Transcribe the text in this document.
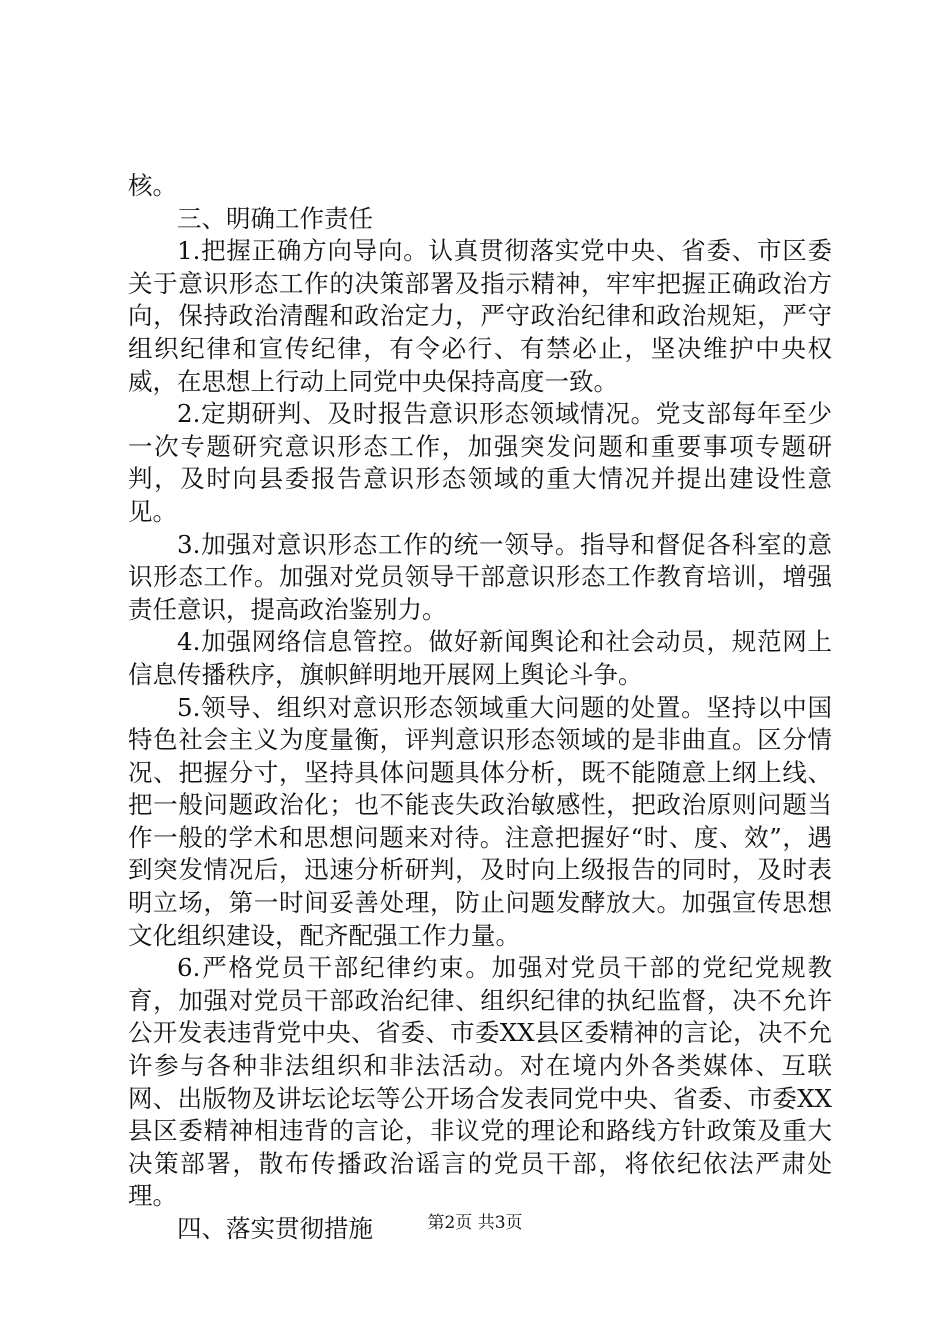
核。

三、明确工作责任

1.把握正确方向导向。认真贯彻落实党中央、省委、市区委关于意识形态工作的决策部署及指示精神，牢牢把握正确政治方向，保持政治清醒和政治定力，严守政治纪律和政治规矩，严守组织纪律和宣传纪律，有令必行、有禁必止，坚决维护中央权威，在思想上行动上同党中央保持高度一致。

2.定期研判、及时报告意识形态领域情况。党支部每年至少一次专题研究意识形态工作，加强突发问题和重要事项专题研判，及时向县委报告意识形态领域的重大情况并提出建设性意见。

3.加强对意识形态工作的统一领导。指导和督促各科室的意识形态工作。加强对党员领导干部意识形态工作教育培训，增强责任意识，提高政治鉴别力。

4.加强网络信息管控。做好新闻舆论和社会动员，规范网上信息传播秩序，旗帜鲜明地开展网上舆论斗争。

5.领导、组织对意识形态领域重大问题的处置。坚持以中国特色社会主义为度量衡，评判意识形态领域的是非曲直。区分情况、把握分寸，坚持具体问题具体分析，既不能随意上纲上线、把一般问题政治化；也不能丧失政治敏感性，把政治原则问题当作一般的学术和思想问题来对待。注意把握好“时、度、效”，遇到突发情况后，迅速分析研判，及时向上级报告的同时，及时表明立场，第一时间妥善处理，防止问题发酵放大。加强宣传思想文化组织建设，配齐配强工作力量。

6.严格党员干部纪律约束。加强对党员干部的党纪党规教育，加强对党员干部政治纪律、组织纪律的执纪监督，决不允许公开发表违背党中央、省委、市委XX县区委精神的言论，决不允许参与各种非法组织和非法活动。对在境内外各类媒体、互联网、出版物及讲坛论坛等公开场合发表同党中央、省委、市委XX县区委精神相违背的言论，非议党的理论和路线方针政策及重大决策部署，散布传播政治谣言的党员干部，将依纪依法严肃处理。

四、落实贯彻措施	第2页 共3页
